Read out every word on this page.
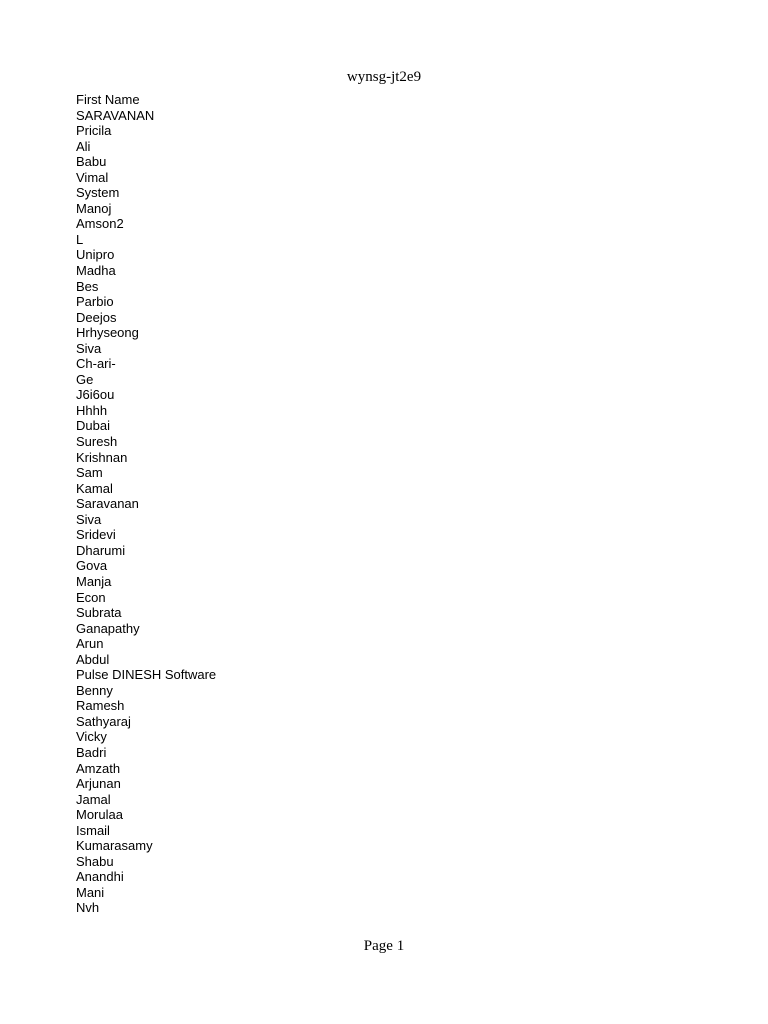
wynsg-jt2e9
First Name
SARAVANAN
Pricila
Ali
Babu
Vimal
System
Manoj
Amson2
L
Unipro
Madha
Bes
Parbio
Deejos
Hrhyseong
Siva
Ch-ari-
Ge
J6i6ou
Hhhh
Dubai
Suresh
Krishnan
Sam
Kamal
Saravanan
Siva
Sridevi
Dharumi
Gova
Manja
Econ
Subrata
Ganapathy
Arun
Abdul
Pulse DINESH Software
Benny
Ramesh
Sathyaraj
Vicky
Badri
Amzath
Arjunan
Jamal
Morulaa
Ismail
Kumarasamy
Shabu
Anandhi
Mani
Nvh
Page 1
